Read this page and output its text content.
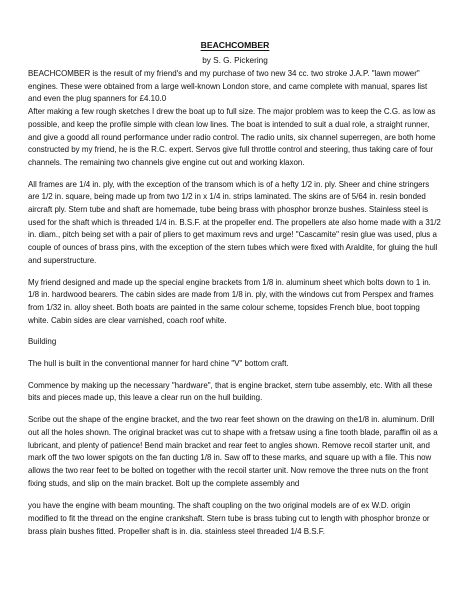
BEACHCOMBER

by S. G. Pickering

BEACHCOMBER is the result of my friend's and my purchase of two new 34 cc. two stroke J.A.P. "lawn mower" engines. These were obtained from a large well-known London store, and came complete with manual, spares list and even the plug spanners for £4.10.0

After making a few rough sketches I drew the boat up to full size. The major problem was to keep the C.G. as low as possible, and keep the profile simple with clean low lines. The boat is intended to suit a dual role, a straight runner, and give a goodd all round performance under radio control. The radio units, six channel superregen, are both home constructed by my friend, he is the R.C. expert. Servos give full throttle control and steering, thus taking care of four channels. The remaining two channels give engine cut out and working klaxon.

All frames are 1/4 in. ply, with the exception of the transom which is of a hefty 1/2 in. ply. Sheer and chine stringers are 1/2 in. square, being made up from two 1/2 in x 1/4 in. strips laminated. The skins are of 5/64 in. resin bonded aircraft ply. Stern tube and shaft are homemade, tube being brass with phosphor bronze bushes. Stainless steel is used for the shaft which is threaded 1/4 in. B.S.F. at the propeller end. The propellers ate also home made with a 31/2 in. diam., pitch being set with a pair of pliers to get maximum revs and urge! "Cascamite" resin glue was used, plus a couple of ounces of brass pins, with the exception of the stern tubes which were fixed with Araldite, for gluing the hull and superstructure.

My friend designed and made up the special engine brackets from 1/8 in. aluminum sheet which bolts down to 1 in. 1/8 in. hardwood bearers. The cabin sides are made from 1/8 in. ply, with the windows cut from Perspex and frames from 1/32 in. alloy sheet. Both boats are painted in the same colour scheme, topsides French blue, boot topping white. Cabin sides are clear varnished, coach roof white.

Building

The hull is built in the conventional manner for hard chine "V" bottom craft.

Commence by making up the necessary "hardware", that is engine bracket, stern tube assembly, etc. With all these bits and pieces made up, this leave a clear run on the hull building.

Scribe out the shape of the engine bracket, and the two rear feet shown on the drawing on the1/8 in. aluminum. Drill out all the holes shown. The original bracket was cut to shape with a fretsaw using a fine tooth blade, paraffin oil as a lubricant, and plenty of patience! Bend main bracket and rear feet to angles shown. Remove recoil starter unit, and mark off the two lower spigots on the fan ducting 1/8 in. Saw off to these marks, and square up with a file. This now allows the two rear feet to be bolted on together with the recoil starter unit. Now remove the three nuts on the front fixing studs, and slip on the main bracket. Bolt up the complete assembly and

you have the engine with beam mounting. The shaft coupling on the two original models are of ex W.D. origin modified to fit the thread on the engine crankshaft. Stern tube is brass tubing cut to length with phosphor bronze or brass plain bushes fitted. Propeller shaft is in. dia. stainless steel threaded 1/4 B.S.F.
